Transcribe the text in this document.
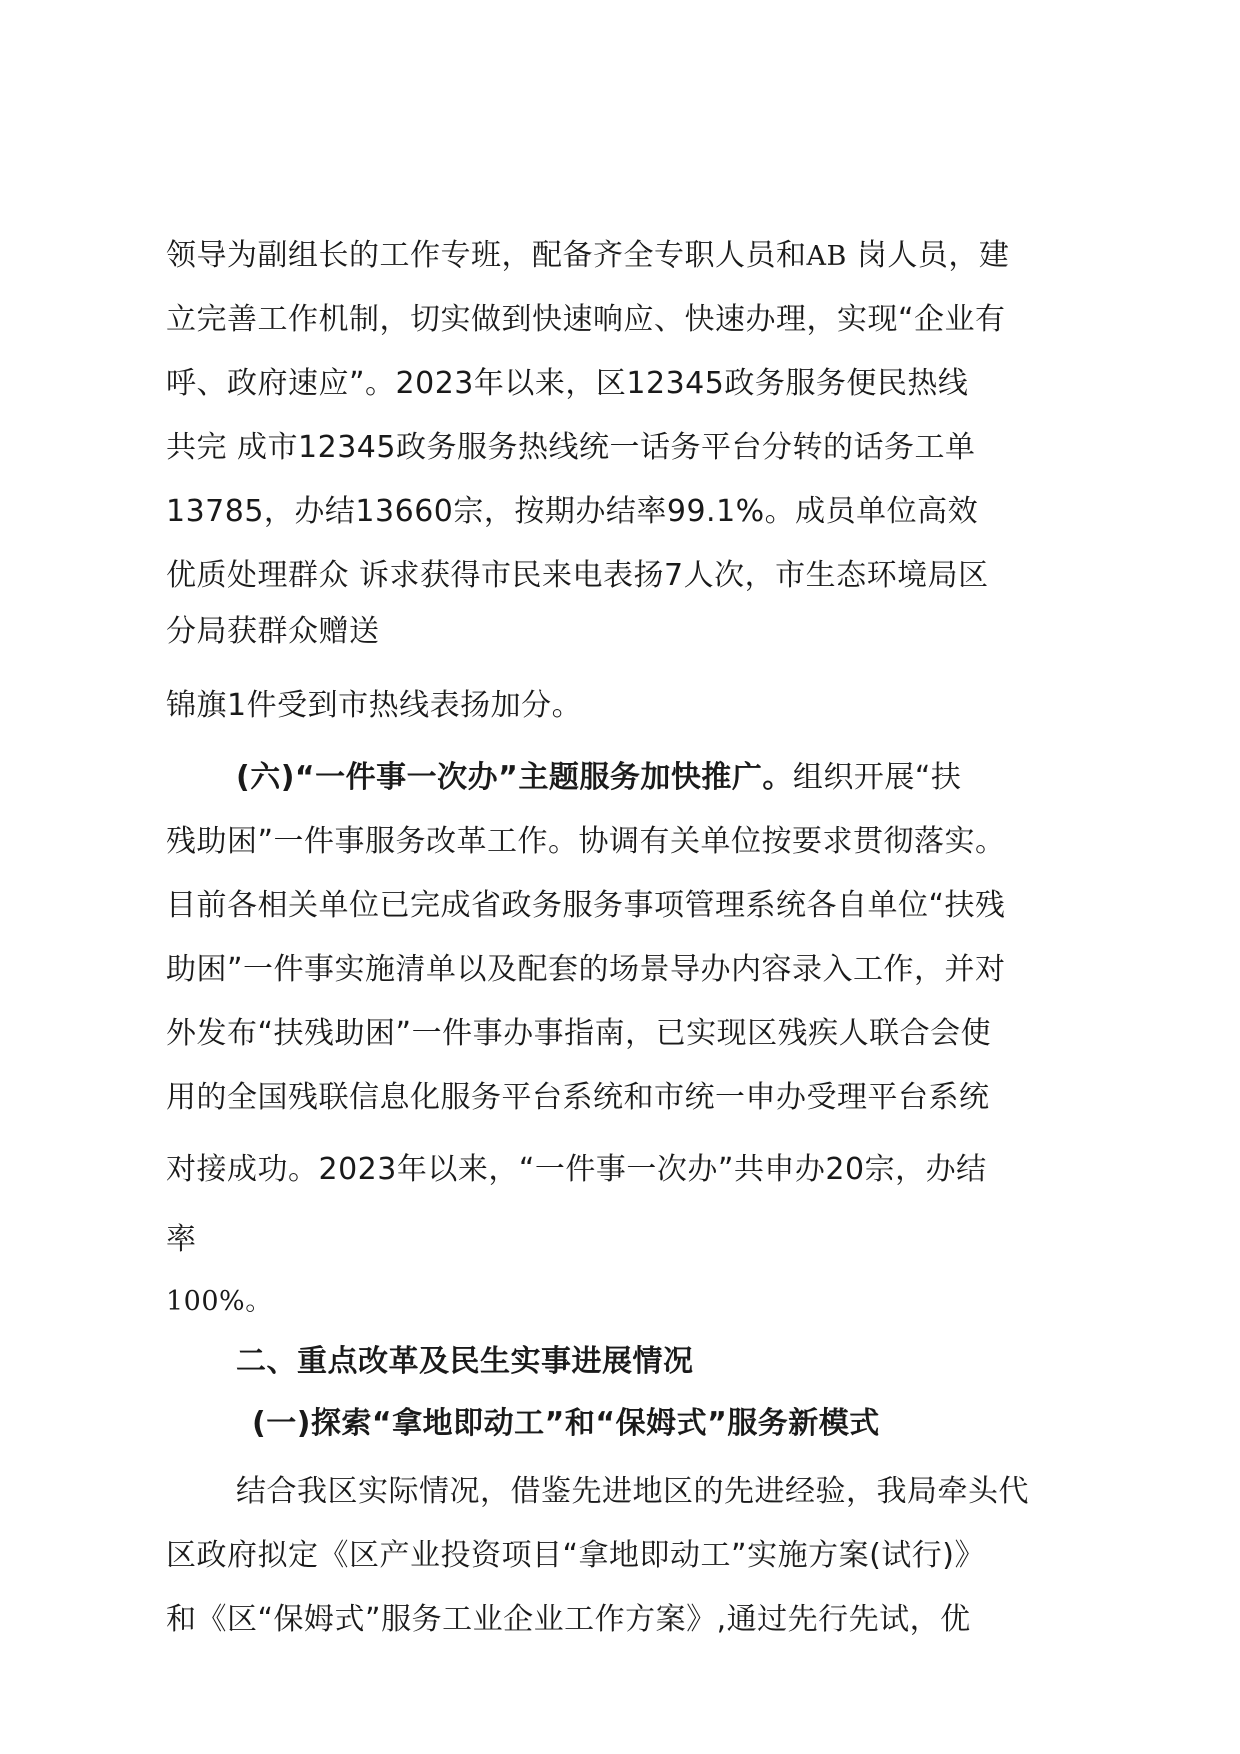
领导为副组长的工作专班，配备齐全专职人员和AB 岗人员，建
立完善工作机制，切实做到快速响应、快速办理，实现“企业有
呼、政府速应”。2023年以来，区12345政务服务便民热线
共完 成市12345政务服务热线统一话务平台分转的话务工单
13785，办结13660宗，按期办结率99.1%。成员单位高效
优质处理群众 诉求获得市民来电表扬7人次，市生态环境局区
分局获群众赠送
锦旗1件受到市热线表扬加分。
(六)“一件事一次办”主题服务加快推广。组织开展“扶
残助困”一件事服务改革工作。协调有关单位按要求贯彻落实。
目前各相关单位已完成省政务服务事项管理系统各自单位“扶残
助困”一件事实施清单以及配套的场景导办内容录入工作，并对
外发布“扶残助困”一件事办事指南，已实现区残疾人联合会使
用的全国残联信息化服务平台系统和市统一申办受理平台系统
对接成功。2023年以来，“一件事一次办”共申办20宗，办结
率
100%。
二、重点改革及民生实事进展情况
(一)探索“拿地即动工”和“保姆式”服务新模式
结合我区实际情况，借鉴先进地区的先进经验，我局牵头代
区政府拟定《区产业投资项目“拿地即动工”实施方案(试行)》
和《区“保姆式”服务工业企业工作方案》,通过先行先试，优
